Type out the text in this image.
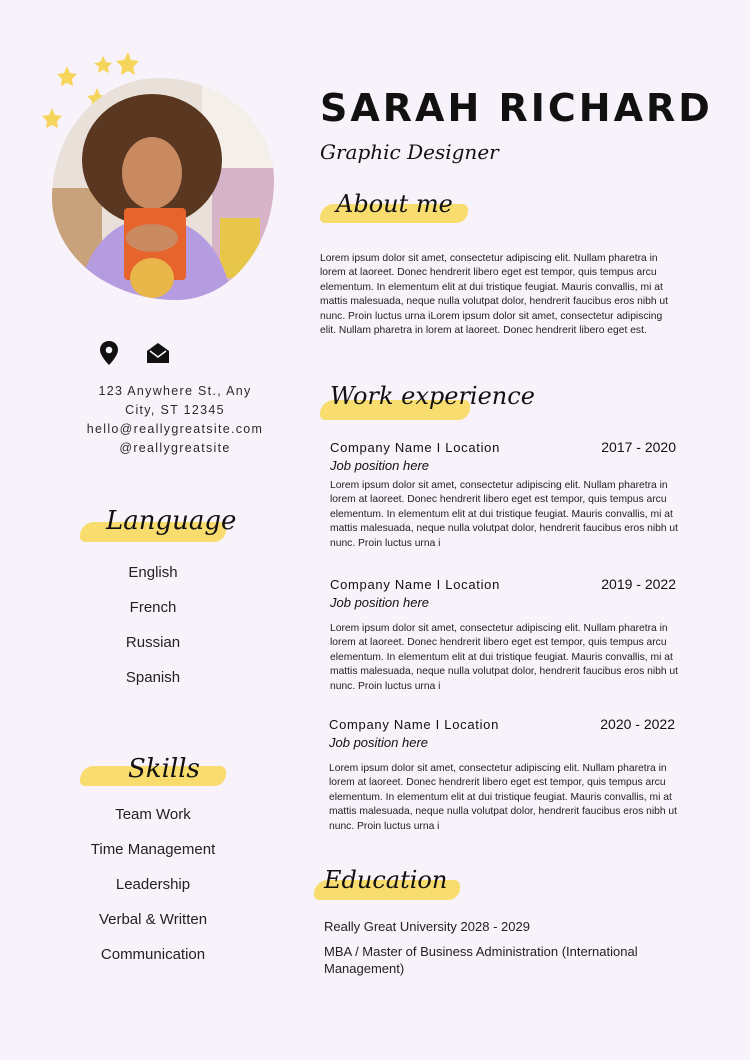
123 Anywhere St., Any
City, ST 12345
hello@reallygreatsite.com
@reallygreatsite
Language
English
French
Russian
Spanish
Skills
Team Work
Time Management
Leadership
Verbal & Written
Communication
SARAH RICHARD
Graphic Designer
About me
Lorem ipsum dolor sit amet, consectetur adipiscing elit. Nullam pharetra in lorem at laoreet. Donec hendrerit libero eget est tempor, quis tempus arcu elementum. In elementum elit at dui tristique feugiat. Mauris convallis, mi at mattis malesuada, neque nulla volutpat dolor, hendrerit faucibus eros nibh ut nunc. Proin luctus urna iLorem ipsum dolor sit amet, consectetur adipiscing elit. Nullam pharetra in lorem at laoreet. Donec hendrerit libero eget est.
Work experience
Company Name I Location	2017 - 2020
Job position here
Lorem ipsum dolor sit amet, consectetur adipiscing elit. Nullam pharetra in lorem at laoreet. Donec hendrerit libero eget est tempor, quis tempus arcu elementum. In elementum elit at dui tristique feugiat. Mauris convallis, mi at mattis malesuada, neque nulla volutpat dolor, hendrerit faucibus eros nibh ut nunc. Proin luctus urna i
Company Name I Location	2019 - 2022
Job position here
Lorem ipsum dolor sit amet, consectetur adipiscing elit. Nullam pharetra in lorem at laoreet. Donec hendrerit libero eget est tempor, quis tempus arcu elementum. In elementum elit at dui tristique feugiat. Mauris convallis, mi at mattis malesuada, neque nulla volutpat dolor, hendrerit faucibus eros nibh ut nunc. Proin luctus urna i
Company Name I Location	2020 - 2022
Job position here
Lorem ipsum dolor sit amet, consectetur adipiscing elit. Nullam pharetra in lorem at laoreet. Donec hendrerit libero eget est tempor, quis tempus arcu elementum. In elementum elit at dui tristique feugiat. Mauris convallis, mi at mattis malesuada, neque nulla volutpat dolor, hendrerit faucibus eros nibh ut nunc. Proin luctus urna i
Education
Really Great University 2028 - 2029
MBA / Master of Business Administration (International Management)
